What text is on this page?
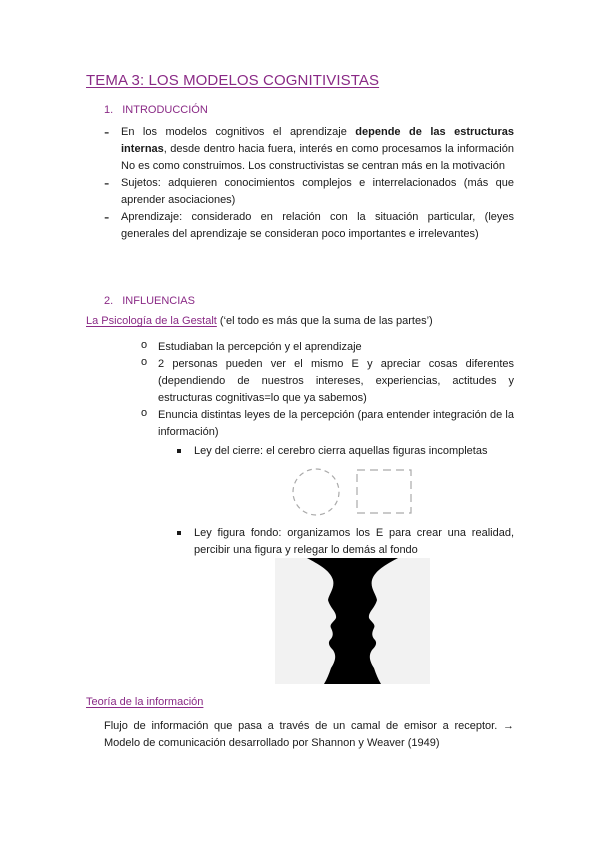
TEMA 3: LOS MODELOS COGNITIVISTAS
1. INTRODUCCIÓN
- En los modelos cognitivos el aprendizaje depende de las estructuras internas, desde dentro hacia fuera, interés en como procesamos la información No es como construimos. Los constructivistas se centran más en la motivación
- Sujetos: adquieren conocimientos complejos e interrelacionados (más que aprender asociaciones)
- Aprendizaje: considerado en relación con la situación particular, (leyes generales del aprendizaje se consideran poco importantes e irrelevantes)
2. INFLUENCIAS
La Psicología de la Gestalt (‘el todo es más que la suma de las partes’)
o Estudiaban la percepción y el aprendizaje
o 2 personas pueden ver el mismo E y apreciar cosas diferentes (dependiendo de nuestros intereses, experiencias, actitudes y estructuras cognitivas=lo que ya sabemos)
o Enuncia distintas leyes de la percepción (para entender integración de la información)
Ley del cierre: el cerebro cierra aquellas figuras incompletas
Ley figura fondo: organizamos los E para crear una realidad, percibir una figura y relegar lo demás al fondo
Teoría de la información
Flujo de información que pasa a través de un camal de emisor a receptor. → Modelo de comunicación desarrollado por Shannon y Weaver (1949)
